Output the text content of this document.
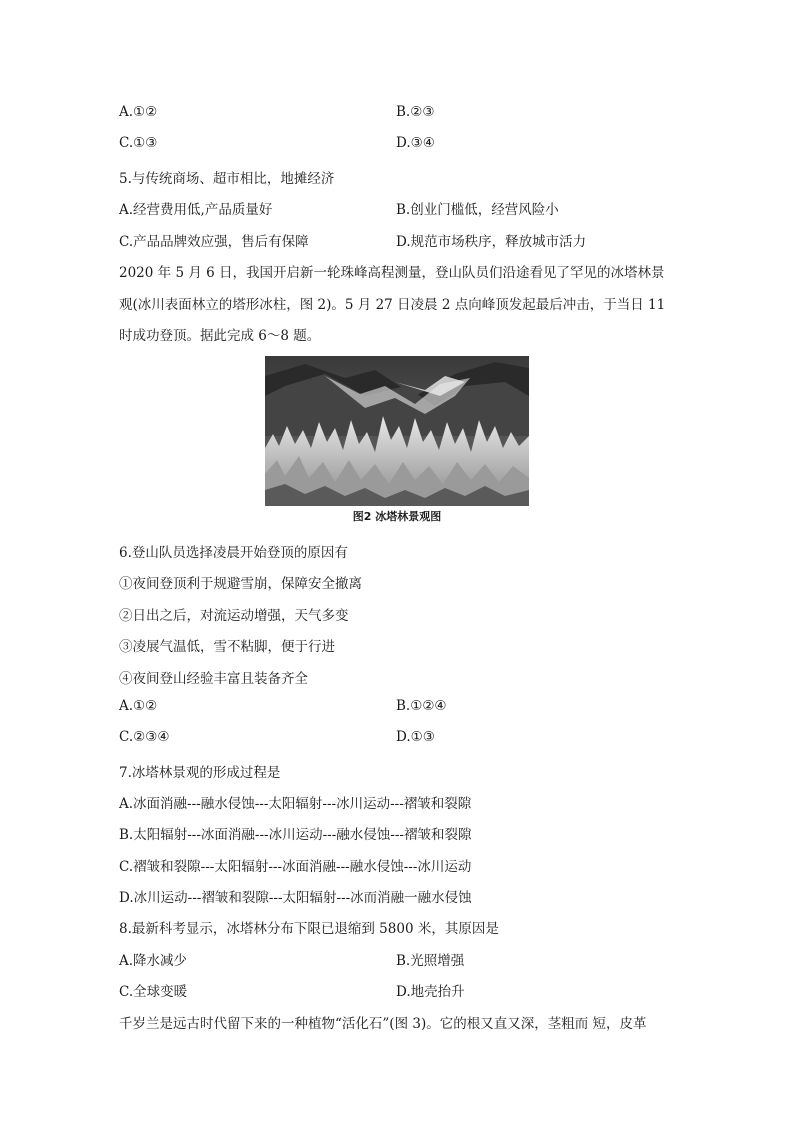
A.①②	B.②③
C.①③	D.③④
5.与传统商场、超市相比，地摊经济
A.经营费用低,产品质量好	B.创业门槛低，经营风险小
C.产品品牌效应强，售后有保障	D.规范市场秩序，释放城市活力
2020 年 5 月 6 日，我国开启新一轮珠峰高程测量，登山队员们沿途看见了罕见的冰塔林景
观(冰川表面林立的塔形冰柱，图 2)。5 月 27 日凌晨 2 点向峰顶发起最后冲击，于当日 11
时成功登顶。据此完成 6～8 题。
图2 冰塔林景观图
6.登山队员选择凌晨开始登顶的原因有
①夜间登顶利于规避雪崩，保障安全撤离
②日出之后，对流运动增强，天气多变
③凌展气温低，雪不粘脚，便于行进
④夜间登山经验丰富且装备齐全
A.①②	B.①②④
C.②③④	D.①③
7.冰塔林景观的形成过程是
A.冰面消融---融水侵蚀---太阳辐射---冰川运动---褶皱和裂隙
B.太阳辐射---冰面消融---冰川运动---融水侵蚀---褶皱和裂隙
C.褶皱和裂隙---太阳辐射---冰面消融---融水侵蚀---冰川运动
D.冰川运动---褶皱和裂隙---太阳辐射---冰而消融一融水侵蚀
8.最新科考显示，冰塔林分布下限已退缩到 5800 米，其原因是
A.降水减少	B.光照增强
C.全球变暖	D.地壳抬升
千岁兰是远古时代留下来的一种植物“活化石”(图 3)。它的根又直又深，茎粗而 短，皮革
